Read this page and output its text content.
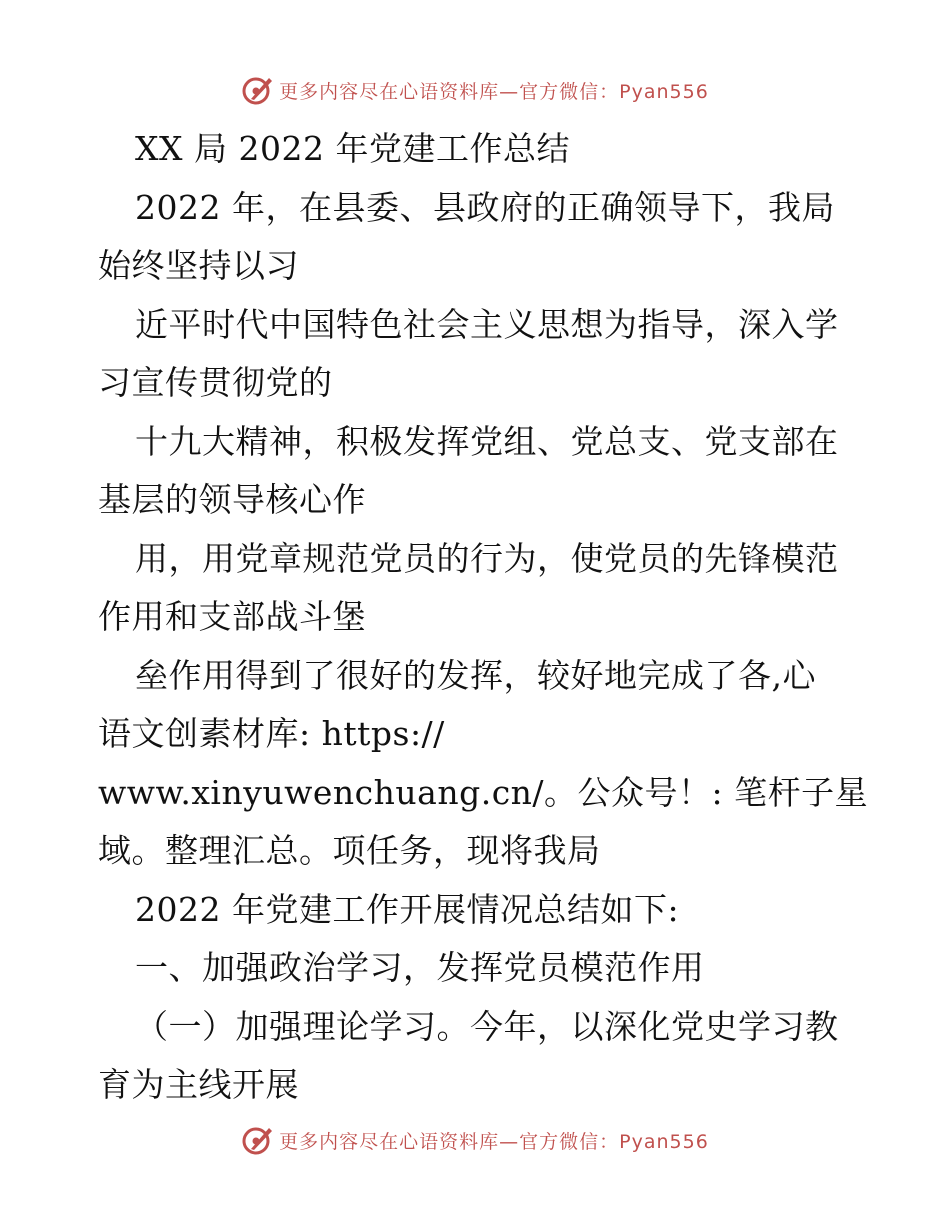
更多内容尽在心语资料库—官方微信：Pyan556
XX 局 2022 年党建工作总结
2022 年，在县委、县政府的正确领导下，我局
始终坚持以习
近平时代中国特色社会主义思想为指导，深入学
习宣传贯彻党的
十九大精神，积极发挥党组、党总支、党支部在
基层的领导核心作
用，用党章规范党员的行为，使党员的先锋模范
作用和支部战斗堡
垒作用得到了很好的发挥，较好地完成了各,心
语文创素材库: https://
www.xinyuwenchuang.cn/。公众号！: 笔杆子星
域。整理汇总。项任务，现将我局
2022 年党建工作开展情况总结如下:
一、加强政治学习，发挥党员模范作用
（一）加强理论学习。今年，以深化党史学习教
育为主线开展
更多内容尽在心语资料库—官方微信：Pyan556
